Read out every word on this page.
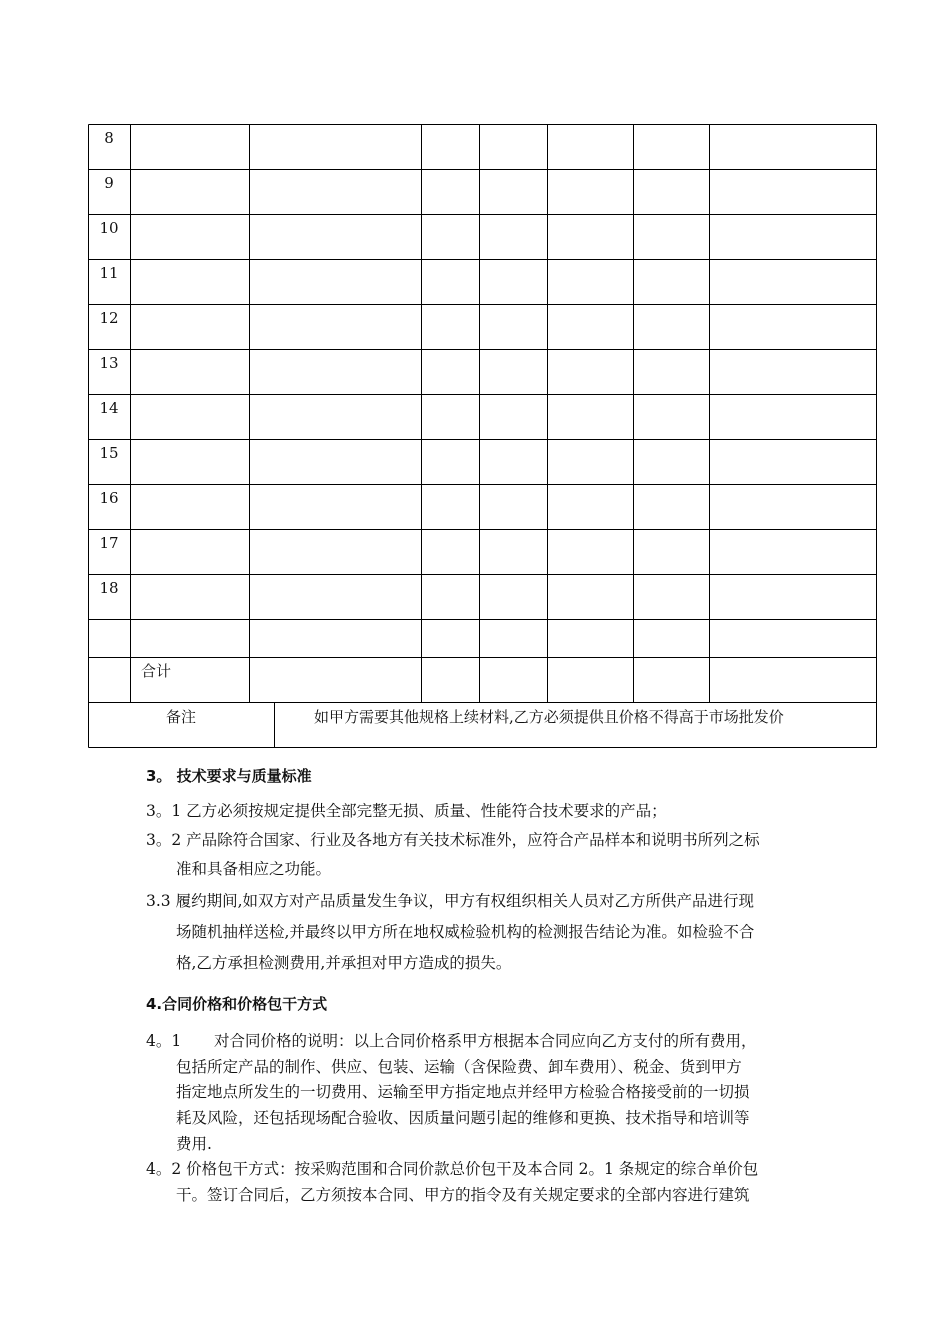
8
9
10
11
12
13
14
15
16
17
18
合计
备注	如甲方需要其他规格上续材料,乙方必须提供且价格不得高于市场批发价
3。 技术要求与质量标准
3。1 乙方必须按规定提供全部完整无损、质量、性能符合技术要求的产品；
3。2 产品除符合国家、行业及各地方有关技术标准外，应符合产品样本和说明书所列之标
准和具备相应之功能。
3.3 履约期间,如双方对产品质量发生争议，甲方有权组织相关人员对乙方所供产品进行现
场随机抽样送检,并最终以甲方所在地权威检验机构的检测报告结论为准。如检验不合
格,乙方承担检测费用,并承担对甲方造成的损失。
4.合同价格和价格包干方式
4。1 对合同价格的说明：以上合同价格系甲方根据本合同应向乙方支付的所有费用，
包括所定产品的制作、供应、包装、运输（含保险费、卸车费用）、税金、货到甲方
指定地点所发生的一切费用、运输至甲方指定地点并经甲方检验合格接受前的一切损
耗及风险，还包括现场配合验收、因质量问题引起的维修和更换、技术指导和培训等
费用.
4。2 价格包干方式：按采购范围和合同价款总价包干及本合同 2。1 条规定的综合单价包
干。签订合同后，乙方须按本合同、甲方的指令及有关规定要求的全部内容进行建筑
